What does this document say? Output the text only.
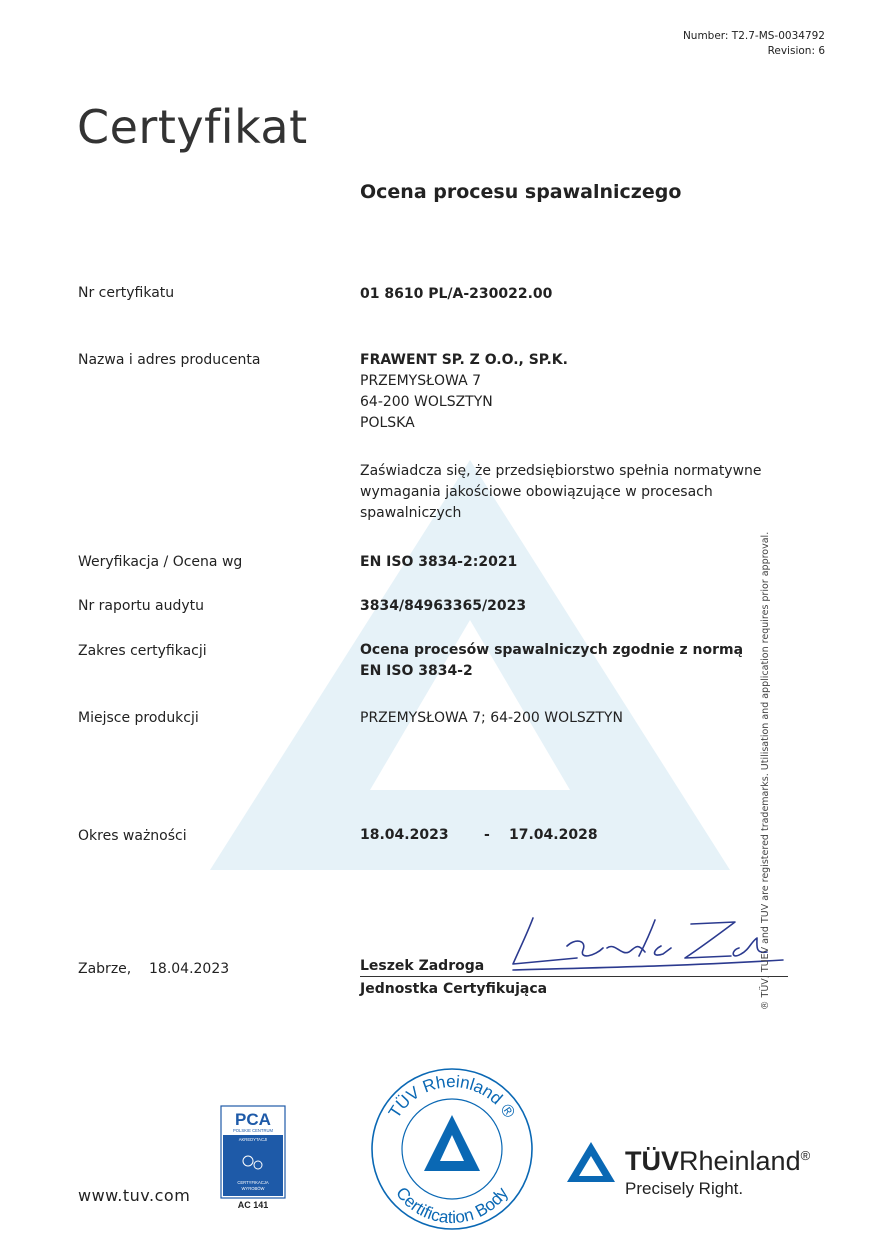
Number: T2.7-MS-0034792
Revision: 6
Certyfikat
Ocena procesu spawalniczego
Nr certyfikatu	01 8610 PL/A-230022.00
Nazwa i adres producenta	FRAWENT SP. Z O.O., SP.K.
PRZEMYSŁOWA 7
64-200 WOLSZTYN
POLSKA
Zaświadcza się, że przedsiębiorstwo spełnia normatywne
wymagania jakościowe obowiązujące w procesach
spawalniczych
Weryfikacja / Ocena wg	EN ISO 3834-2:2021
Nr raportu audytu	3834/84963365/2023
Zakres certyfikacji	Ocena procesów spawalniczych zgodnie z normą
EN ISO 3834-2
Miejsce produkcji	PRZEMYSŁOWA 7; 64-200 WOLSZTYN
Okres ważności	18.04.2023	- 17.04.2028
Zabrze, 18.04.2023	Leszek Zadroga
Jednostka Certyfikująca	® TÜV, TUEV and TUV are registered trademarks. Utilisation and application requires prior approval.
PCA
POLSKIE CENTRUM
AKREDYTACJI
CERTYFIKACJA
WYROBÓW
AC 141
TÜV Rheinland ®
Certification Body
TÜVRheinland®
Precisely Right.
www.tuv.com
